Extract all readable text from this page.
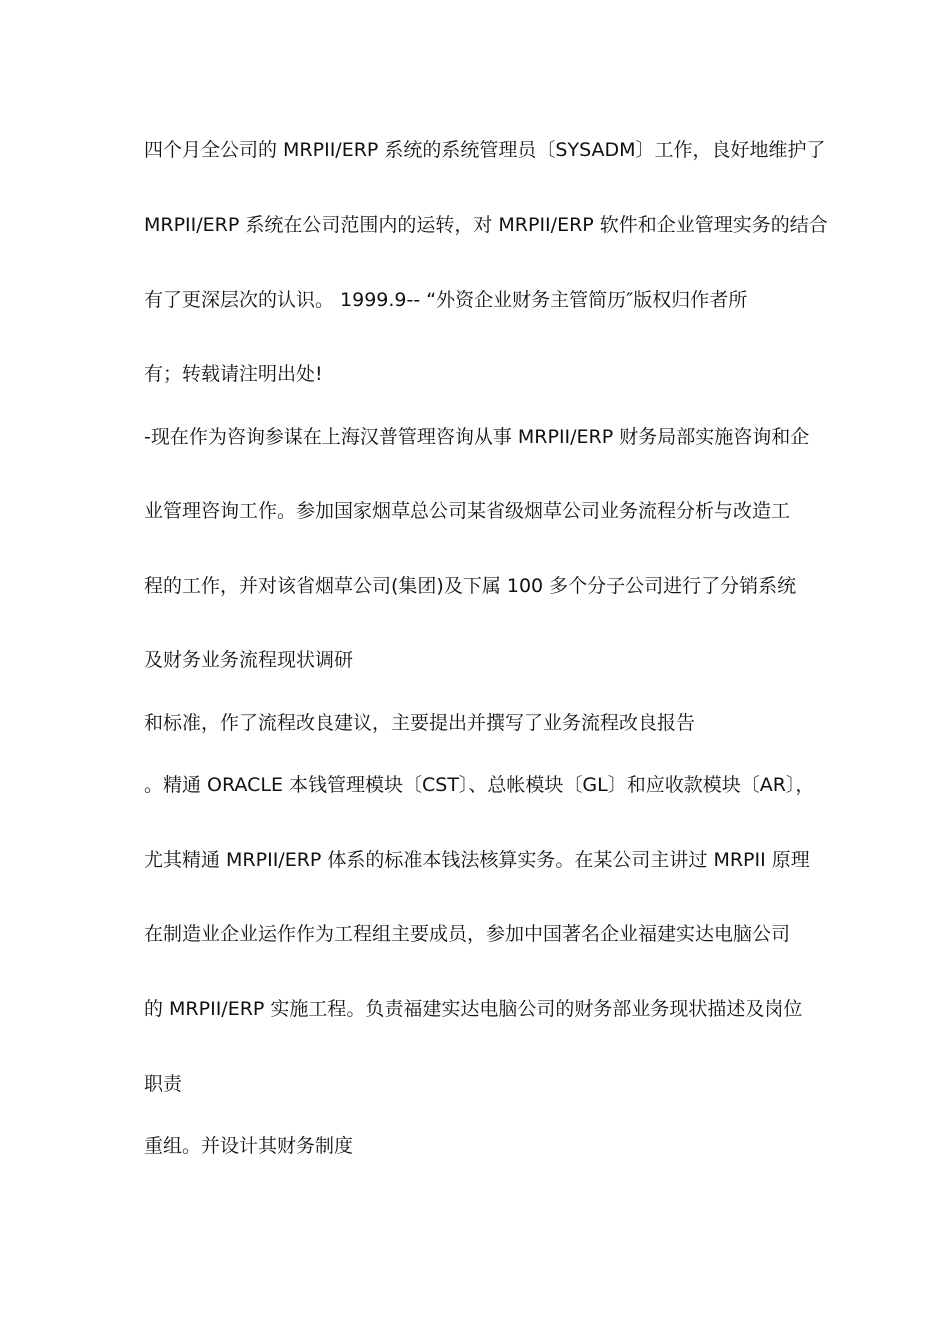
四个月全公司的 MRPII/ERP 系统的系统管理员〔SYSADM〕工作，良好地维护了
MRPII/ERP 系统在公司范围内的运转，对 MRPII/ERP 软件和企业管理实务的结合
有了更深层次的认识。 1999.9-- “外资企业财务主管简历″版权归作者所
有；转载请注明出处!
-现在作为咨询参谋在上海汉普管理咨询从事 MRPII/ERP 财务局部实施咨询和企
业管理咨询工作。参加国家烟草总公司某省级烟草公司业务流程分析与改造工
程的工作，并对该省烟草公司(集团)及下属 100 多个分子公司进行了分销系统
及财务业务流程现状调研
和标准，作了流程改良建议，主要提出并撰写了业务流程改良报告
。精通 ORACLE 本钱管理模块〔CST〕、总帐模块〔GL〕和应收款模块〔AR〕，
尤其精通 MRPII/ERP 体系的标准本钱法核算实务。在某公司主讲过 MRPII 原理
在制造业企业运作作为工程组主要成员，参加中国著名企业福建实达电脑公司
的 MRPII/ERP 实施工程。负责福建实达电脑公司的财务部业务现状描述及岗位
职责
重组。并设计其财务制度
